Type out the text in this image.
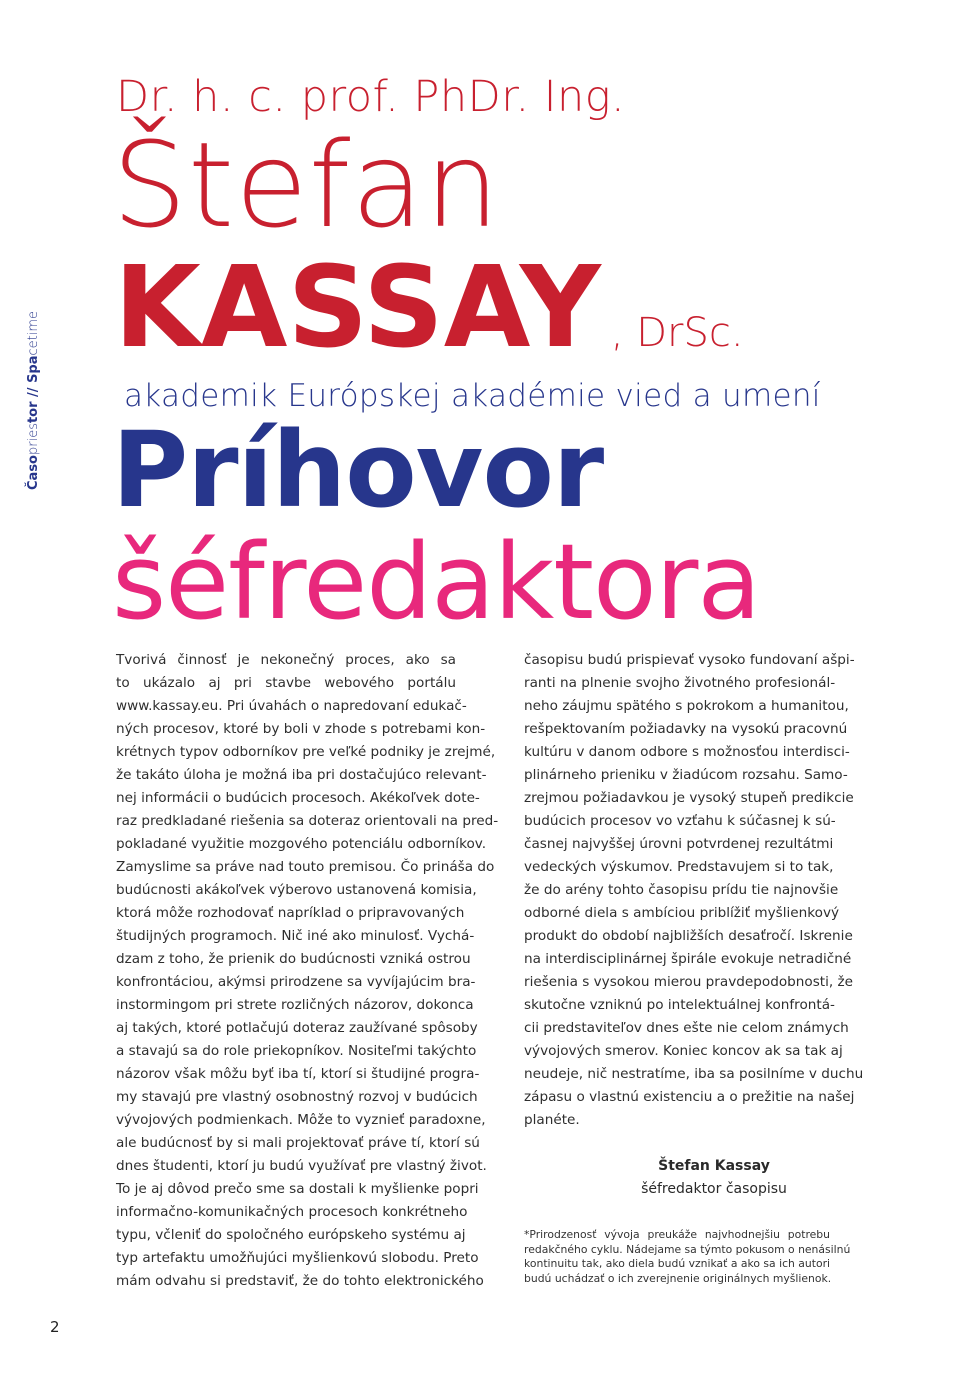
Časopriestor // Spacetime
Dr. h. c. prof. PhDr. Ing.
Štefan
KASSAY , DrSc.
akademik Európskej akadémie vied a umení
Príhovor
šéfredaktora
Tvorivá činnosť je nekonečný proces, ako sa
to ukázalo aj pri stavbe webového portálu
www.kassay.eu. Pri úvahách o napredovaní edukač-
ných procesov, ktoré by boli v zhode s potrebami kon-
krétnych typov odborníkov pre veľké podniky je zrejmé,
že takáto úloha je možná iba pri dostačujúco relevant-
nej informácii o budúcich procesoch. Akékoľvek dote-
raz predkladané riešenia sa doteraz orientovali na pred-
pokladané využitie mozgového potenciálu odborníkov.
Zamyslime sa práve nad touto premisou. Čo prináša do
budúcnosti akákoľvek výberovo ustanovená komisia,
ktorá môže rozhodovať napríklad o pripravovaných
študijných programoch. Nič iné ako minulosť. Vychá-
dzam z toho, že prienik do budúcnosti vzniká ostrou
konfrontáciou, akýmsi prirodzene sa vyvíjajúcim bra-
instormingom pri strete rozličných názorov, dokonca
aj takých, ktoré potlačujú doteraz zaužívané spôsoby
a stavajú sa do role priekopníkov. Nositeľmi takýchto
názorov však môžu byť iba tí, ktorí si študijné progra-
my stavajú pre vlastný osobnostný rozvoj v budúcich
vývojových podmienkach. Môže to vyznieť paradoxne,
ale budúcnosť by si mali projektovať práve tí, ktorí sú
dnes študenti, ktorí ju budú využívať pre vlastný život.
To je aj dôvod prečo sme sa dostali k myšlienke popri
informačno-komunikačných procesoch konkrétneho
typu, včleniť do spoločného európskeho systému aj
typ artefaktu umožňujúci myšlienkovú slobodu. Preto
mám odvahu si predstaviť, že do tohto elektronického
časopisu budú prispievať vysoko fundovaní ašpi-
ranti na plnenie svojho životného profesionál-
neho záujmu spätého s pokrokom a humanitou,
rešpektovaním požiadavky na vysokú pracovnú
kultúru v danom odbore s možnosťou interdisci-
plinárneho prieniku v žiadúcom rozsahu. Samo-
zrejmou požiadavkou je vysoký stupeň predikcie
budúcich procesov vo vzťahu k súčasnej k sú-
časnej najvyššej úrovni potvrdenej rezultátmi
vedeckých výskumov. Predstavujem si to tak,
že do arény tohto časopisu prídu tie najnovšie
odborné diela s ambíciou priblížiť myšlienkový
produkt do období najbližších desaťročí. Iskrenie
na interdisciplinárnej špirále evokuje netradičné
riešenia s vysokou mierou pravdepodobnosti, že
skutočne vzniknú po intelektuálnej konfrontá-
cii predstaviteľov dnes ešte nie celom známych
vývojových smerov. Koniec koncov ak sa tak aj
neudeje, nič nestratíme, iba sa posilníme v duchu
zápasu o vlastnú existenciu a o prežitie na našej
planéte.
Štefan Kassay
šéfredaktor časopisu
*Prirodzenosť vývoja preukáže najvhodnejšiu potrebu
redakčného cyklu. Nádejame sa týmto pokusom o nenásilnú
kontinuitu tak, ako diela budú vznikať a ako sa ich autori
budú uchádzať o ich zverejnenie originálnych myšlienok.
2
